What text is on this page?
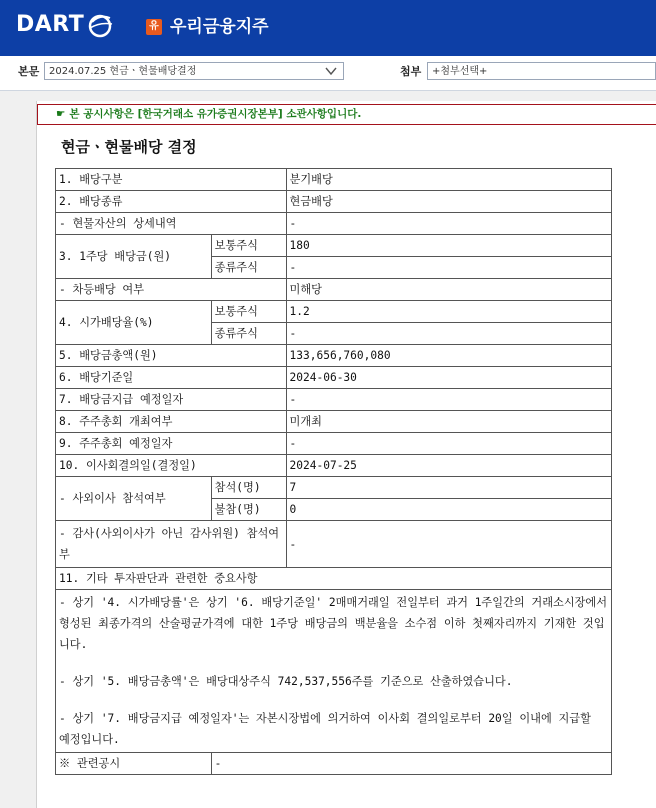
DART	유 우리금융지주
본문 2024.07.25 현금ㆍ현물배당결정	첨부	+첨부선택+
☛ 본 공시사항은 [한국거래소 유가증권시장본부] 소관사항입니다.
현금ㆍ현물배당 결정
1. 배당구분		분기배당
2. 배당종류		현금배당
- 현물자산의 상세내역		-
3. 1주당 배당금(원)	보통주식	180
	종류주식	-
- 차등배당 여부		미해당
4. 시가배당율(%)	보통주식	1.2
	종류주식	-
5. 배당금총액(원)		133,656,760,080
6. 배당기준일		2024-06-30
7. 배당금지급 예정일자		-
8. 주주총회 개최여부		미개최
9. 주주총회 예정일자		-
10. 이사회결의일(결정일)		2024-07-25
- 사외이사 참석여부	참석(명)	7
	불참(명)	0
- 감사(사외이사가 아닌 감사위원) 참석여부		-
11. 기타 투자판단과 관련한 중요사항		

- 상기 '4. 시가배당률'은 상기 '6. 배당기준일' 2매매거래일 전일부터 과거 1주일간의 거래소시장에서 형성된 최종가격의 산술평균가격에 대한 1주당 배당금의 백분율을 소수점 이하 첫째자리까지 기재한 것입니다.
- 상기 '5. 배당금총액'은 배당대상주식 742,537,556주를 기준으로 산출하였습니다.
- 상기 '7. 배당금지급 예정일자'는 자본시장법에 의거하여 이사회 결의일로부터 20일 이내에 지급할 예정입니다.		

※ 관련공시	-	
